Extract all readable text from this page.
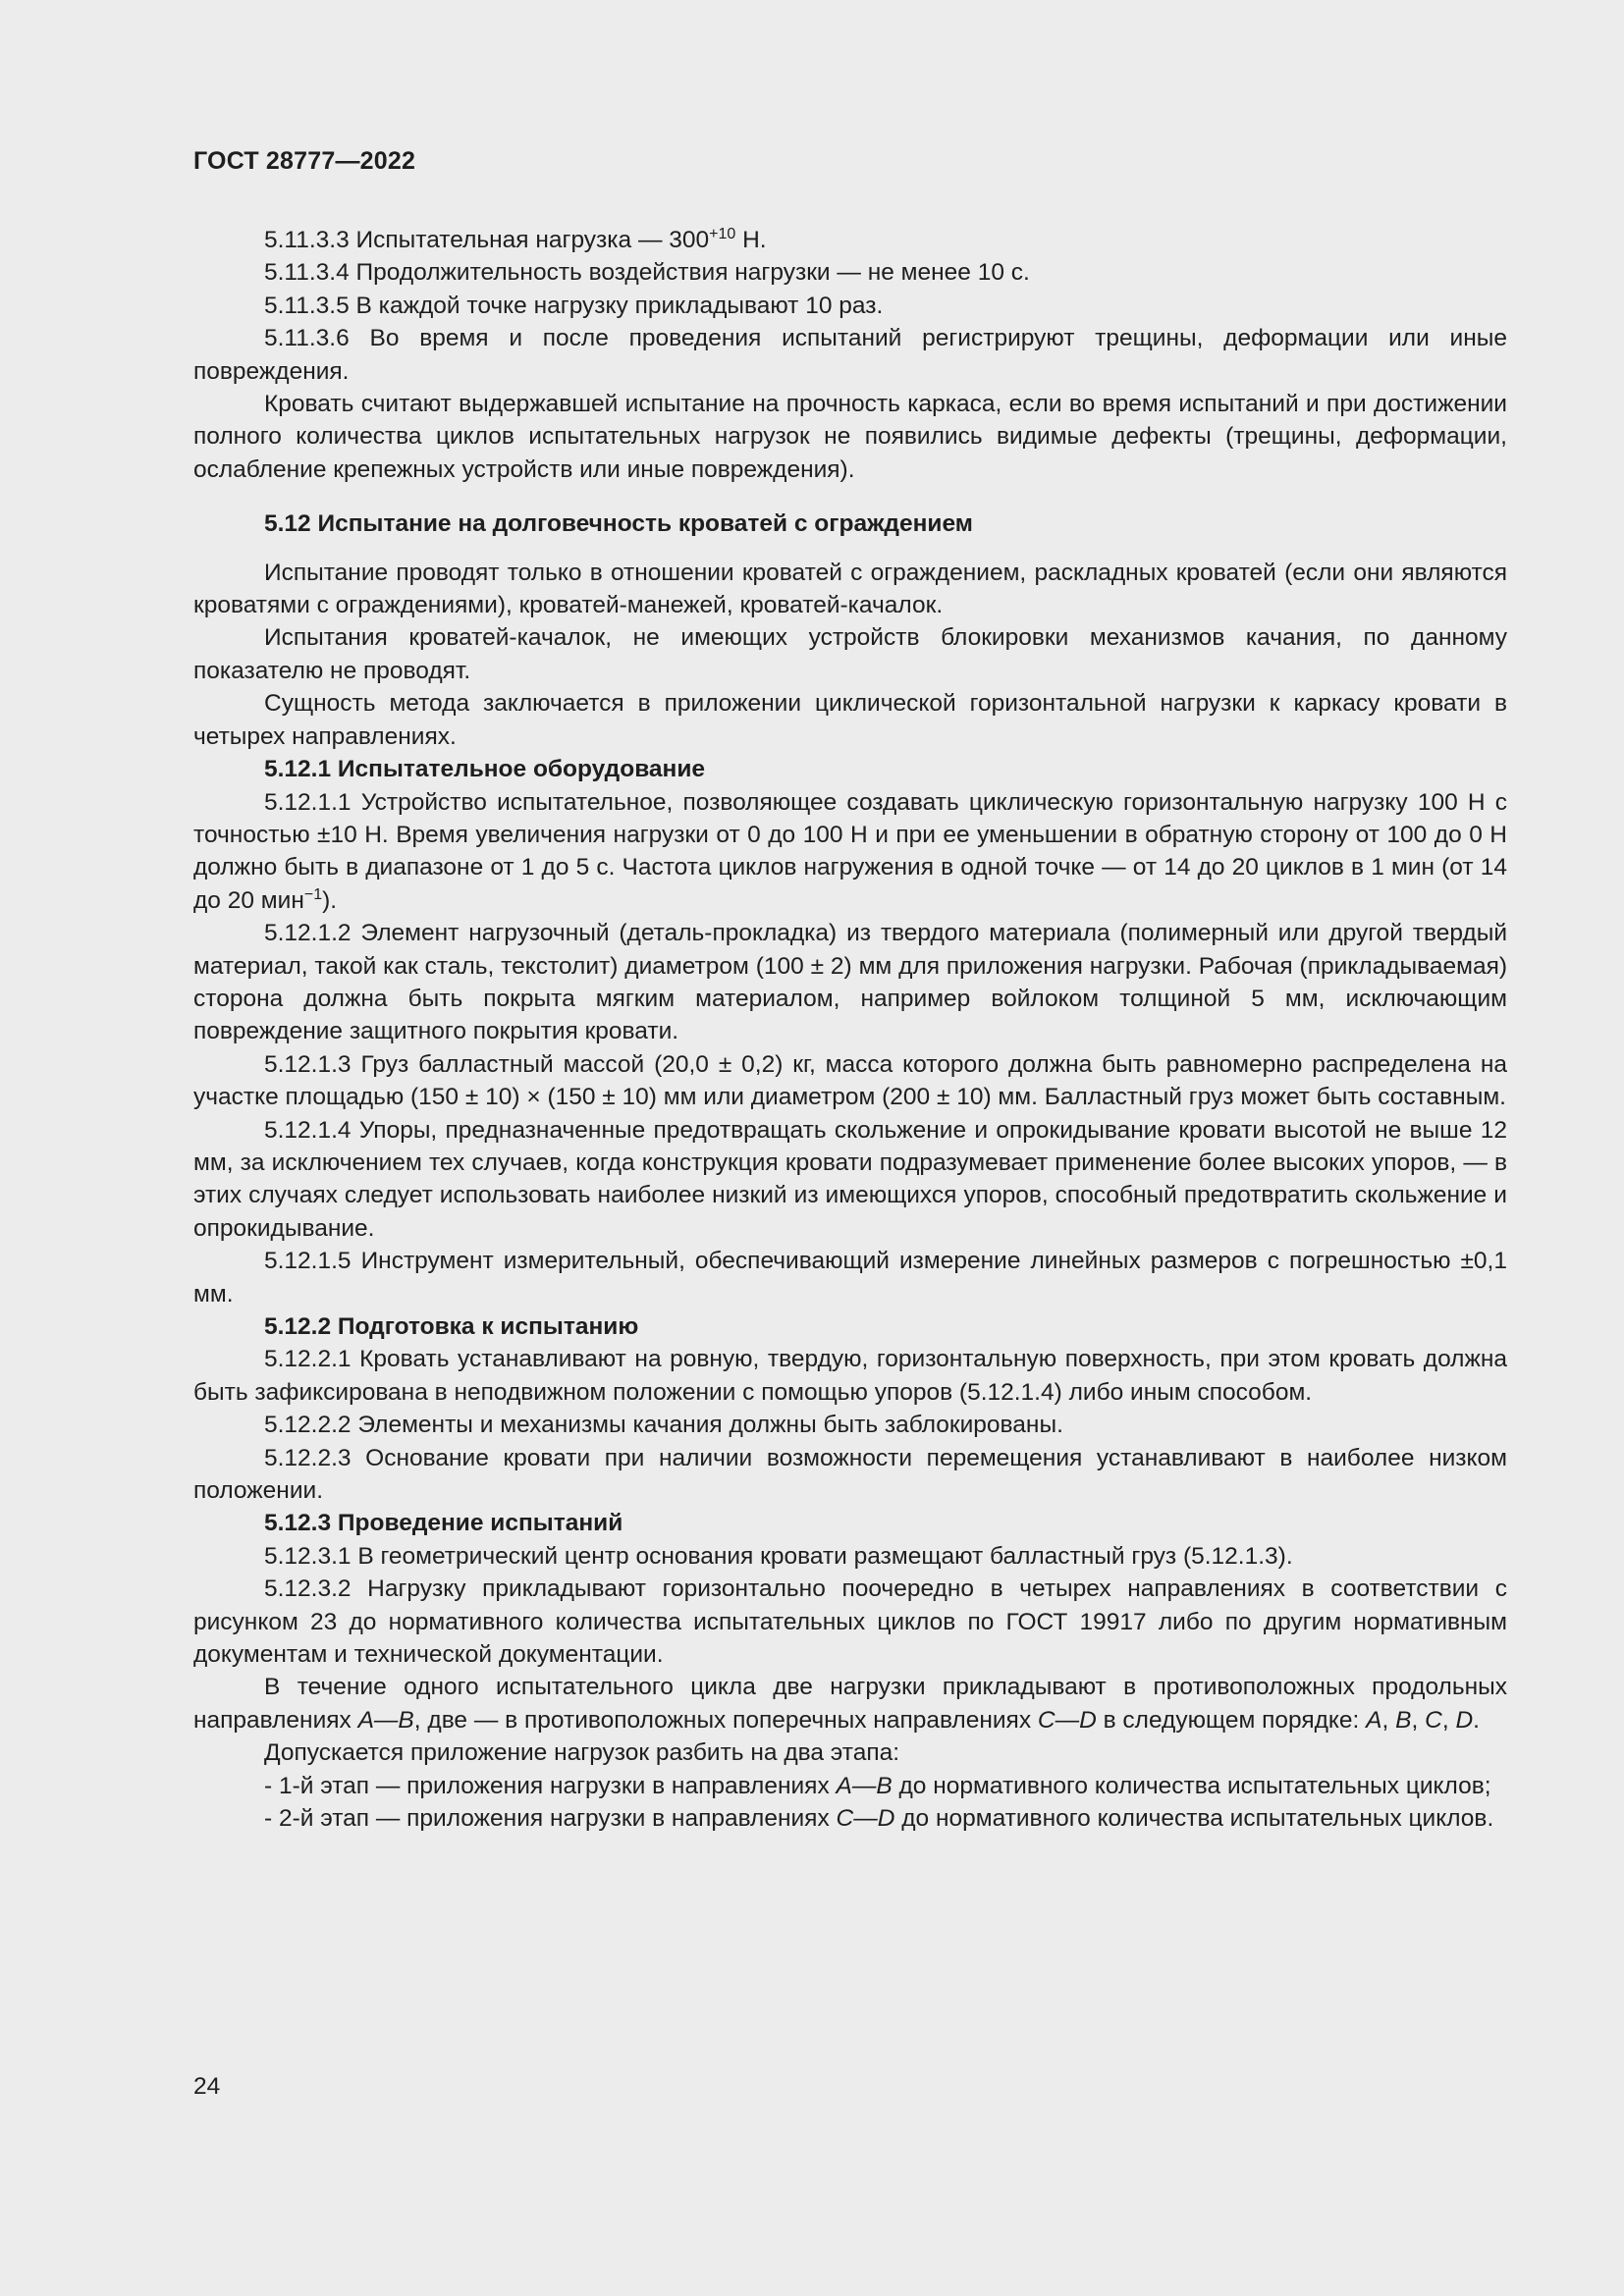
ГОСТ 28777—2022

5.11.3.3 Испытательная нагрузка — $300^{+10}$ Н.

5.11.3.4 Продолжительность воздействия нагрузки — не менее 10 с.

5.11.3.5 В каждой точке нагрузку прикладывают 10 раз.

5.11.3.6 Во время и после проведения испытаний регистрируют трещины, деформации или иные повреждения.

Кровать считают выдержавшей испытание на прочность каркаса, если во время испытаний и при достижении полного количества циклов испытательных нагрузок не появились видимые дефекты (трещины, деформации, ослабление крепежных устройств или иные повреждения).

5.12 Испытание на долговечность кроватей с ограждением

Испытание проводят только в отношении кроватей с ограждением, раскладных кроватей (если они являются кроватями с ограждениями), кроватей-манежей, кроватей-качалок.

Испытания кроватей-качалок, не имеющих устройств блокировки механизмов качания, по данному показателю не проводят.

Сущность метода заключается в приложении циклической горизонтальной нагрузки к каркасу кровати в четырех направлениях.

5.12.1 Испытательное оборудование

5.12.1.1 Устройство испытательное, позволяющее создавать циклическую горизонтальную нагрузку 100 Н с точностью ±10 Н. Время увеличения нагрузки от 0 до 100 Н и при ее уменьшении в обратную сторону от 100 до 0 Н должно быть в диапазоне от 1 до 5 с. Частота циклов нагружения в одной точке — от 14 до 20 циклов в 1 мин (от 14 до 20 мин$^{-1}$).

5.12.1.2 Элемент нагрузочный (деталь-прокладка) из твердого материала (полимерный или другой твердый материал, такой как сталь, текстолит) диаметром (100 ± 2) мм для приложения нагрузки. Рабочая (прикладываемая) сторона должна быть покрыта мягким материалом, например войлоком толщиной 5 мм, исключающим повреждение защитного покрытия кровати.

5.12.1.3 Груз балластный массой (20,0 ± 0,2) кг, масса которого должна быть равномерно распределена на участке площадью (150 ± 10) × (150 ± 10) мм или диаметром (200 ± 10) мм. Балластный груз может быть составным.

5.12.1.4 Упоры, предназначенные предотвращать скольжение и опрокидывание кровати высотой не выше 12 мм, за исключением тех случаев, когда конструкция кровати подразумевает применение более высоких упоров, — в этих случаях следует использовать наиболее низкий из имеющихся упоров, способный предотвратить скольжение и опрокидывание.

5.12.1.5 Инструмент измерительный, обеспечивающий измерение линейных размеров с погрешностью ±0,1 мм.

5.12.2 Подготовка к испытанию

5.12.2.1 Кровать устанавливают на ровную, твердую, горизонтальную поверхность, при этом кровать должна быть зафиксирована в неподвижном положении с помощью упоров (5.12.1.4) либо иным способом.

5.12.2.2 Элементы и механизмы качания должны быть заблокированы.

5.12.2.3 Основание кровати при наличии возможности перемещения устанавливают в наиболее низком положении.

5.12.3 Проведение испытаний

5.12.3.1 В геометрический центр основания кровати размещают балластный груз (5.12.1.3).

5.12.3.2 Нагрузку прикладывают горизонтально поочередно в четырех направлениях в соответствии с рисунком 23 до нормативного количества испытательных циклов по ГОСТ 19917 либо по другим нормативным документам и технической документации.

В течение одного испытательного цикла две нагрузки прикладывают в противоположных продольных направлениях A—B, две — в противоположных поперечных направлениях C—D в следующем порядке: A, B, C, D.

Допускается приложение нагрузок разбить на два этапа:

- 1-й этап — приложения нагрузки в направлениях A—B до нормативного количества испытательных циклов;

- 2-й этап — приложения нагрузки в направлениях C—D до нормативного количества испытательных циклов.

24
